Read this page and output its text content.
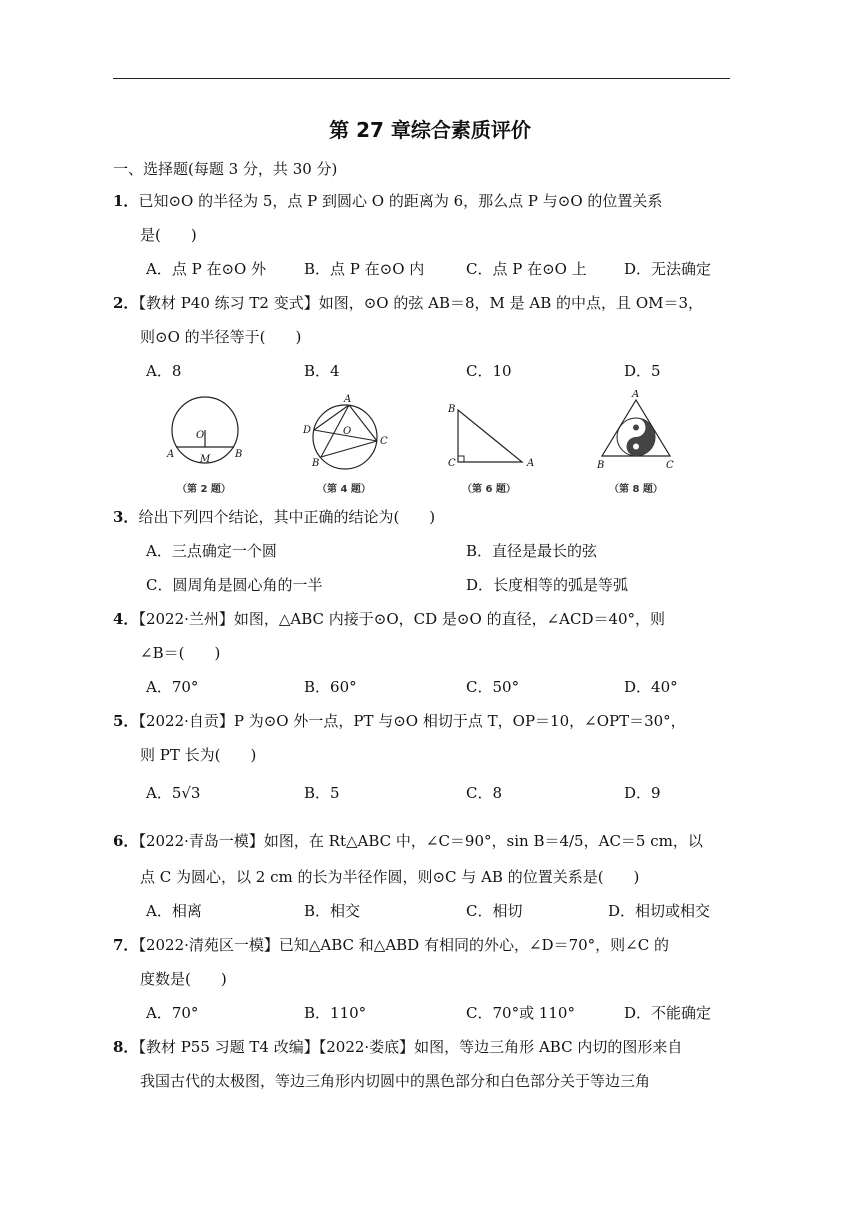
第 27 章综合素质评价
一、选择题(每题 3 分，共 30 分)
1．已知⊙O 的半径为 5，点 P 到圆心 O 的距离为 6，那么点 P 与⊙O 的位置关系
是(　　)
A．点 P 在⊙O 外	B．点 P 在⊙O 内	C．点 P 在⊙O 上 D．无法确定
2．【教材 P40 练习 T2 变式】如图，⊙O 的弦 AB＝8，M 是 AB 的中点，且 OM＝3，
则⊙O 的半径等于(　　)
A．8	B．4	C．10	D．5
O
A	M B
（第 2 题）
A
D	O
C
B
（第 4 题）
B
C	A
（第 6 题）
A
B	C
（第 8 题）
3．给出下列四个结论，其中正确的结论为(　　)
A．三点确定一个圆	B．直径是最长的弦
C．圆周角是圆心角的一半	D．长度相等的弧是等弧
4．【2022·兰州】如图，△ABC 内接于⊙O，CD 是⊙O 的直径，∠ACD＝40°，则
∠B＝(　　)
A．70°	B．60°	C．50°	D．40°
5．【2022·自贡】P 为⊙O 外一点，PT 与⊙O 相切于点 T，OP＝10，∠OPT＝30°，
则 PT 长为(　　)
A．5√3	B．5	C．8	D．9
6．【2022·青岛一模】如图，在 Rt△ABC 中，∠C＝90°，sin B＝4/5，AC＝5 cm，以
点 C 为圆心，以 2 cm 的长为半径作圆，则⊙C 与 AB 的位置关系是(　　)
A．相离	B．相交	C．相切	D．相切或相交
7．【2022·清苑区一模】已知△ABC 和△ABD 有相同的外心，∠D＝70°，则∠C 的
度数是(　　)
A．70°	B．110°	C．70°或 110°	D．不能确定
8．【教材 P55 习题 T4 改编】【2022·娄底】如图，等边三角形 ABC 内切的图形来自
我国古代的太极图，等边三角形内切圆中的黑色部分和白色部分关于等边三角
